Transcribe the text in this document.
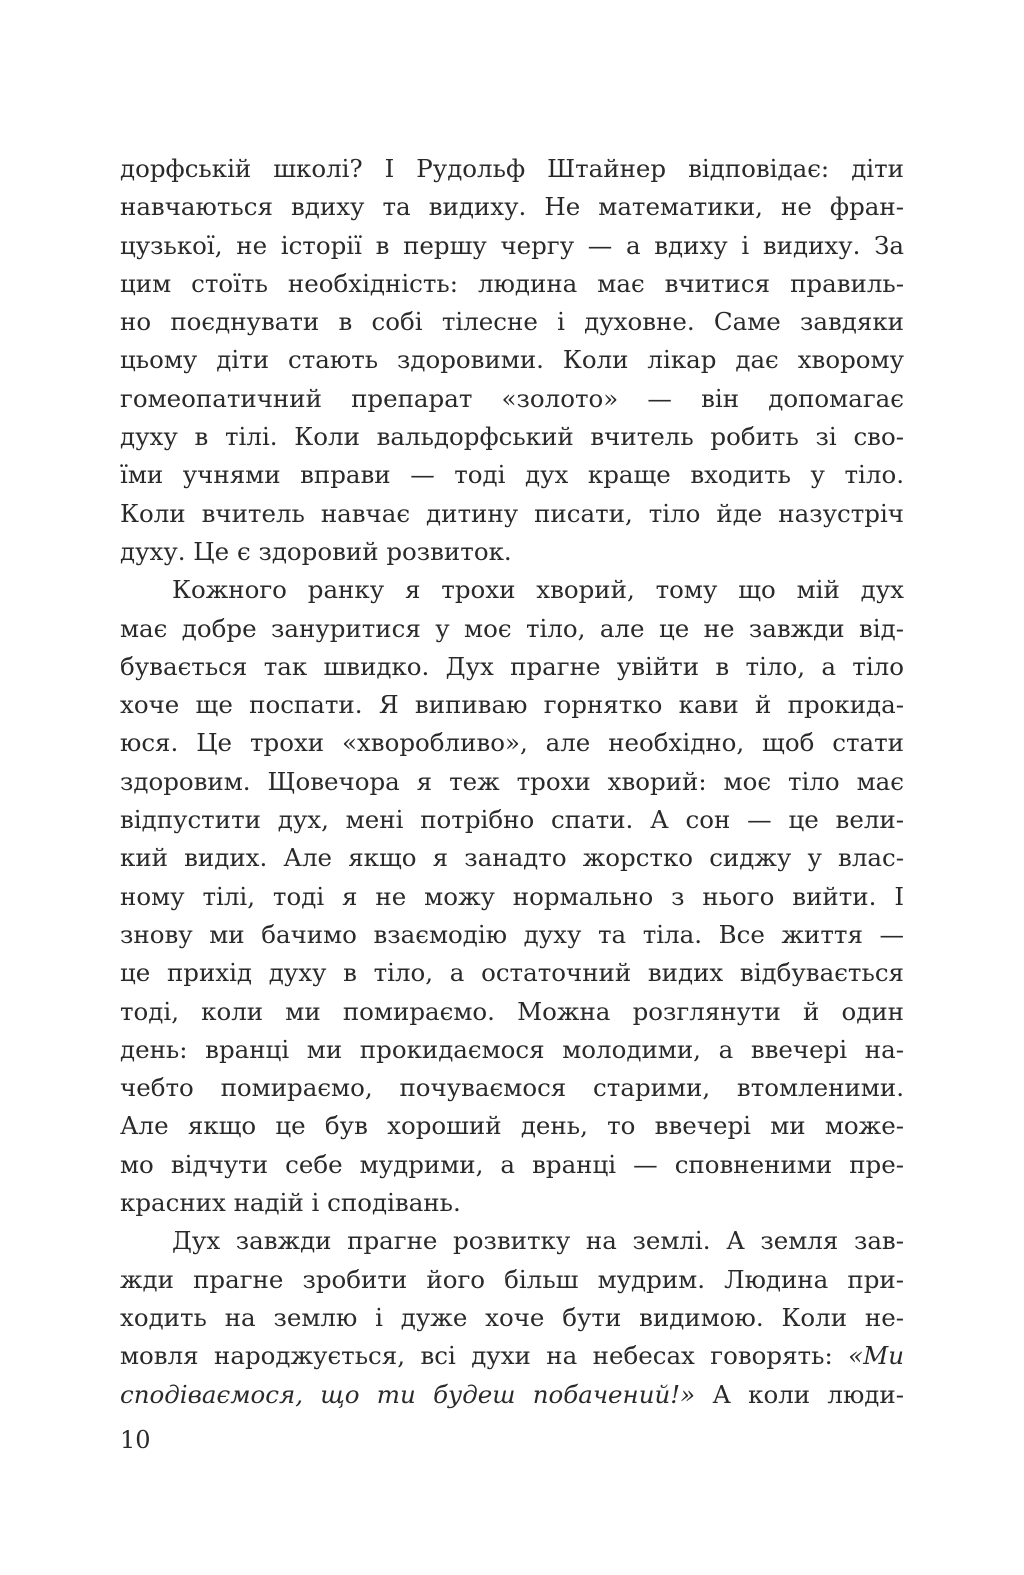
дорфській школі? І Рудольф Штайнер відповідає: діти
навчаються вдиху та видиху. Не математики, не фран-
цузької, не історії в першу чергу — а вдиху і видиху. За
цим стоїть необхідність: людина має вчитися правиль-
но поєднувати в собі тілесне і духовне. Саме завдяки
цьому діти стають здоровими. Коли лікар дає хворому
гомеопатичний препарат «золото» — він допомагає
духу в тілі. Коли вальдорфський вчитель робить зі сво-
їми учнями вправи — тоді дух краще входить у тіло.
Коли вчитель навчає дитину писати, тіло йде назустріч
духу. Це є здоровий розвиток.
Кожного ранку я трохи хворий, тому що мій дух
має добре зануритися у моє тіло, але це не завжди від-
бувається так швидко. Дух прагне увійти в тіло, а тіло
хоче ще поспати. Я випиваю горнятко кави й прокида-
юся. Це трохи «хворобливо», але необхідно, щоб стати
здоровим. Щовечора я теж трохи хворий: моє тіло має
відпустити дух, мені потрібно спати. А сон — це вели-
кий видих. Але якщо я занадто жорстко сиджу у влас-
ному тілі, тоді я не можу нормально з нього вийти. І
знову ми бачимо взаємодію духу та тіла. Все життя —
це прихід духу в тіло, а остаточний видих відбувається
тоді, коли ми помираємо. Можна розглянути й один
день: вранці ми прокидаємося молодими, а ввечері на-
чебто помираємо, почуваємося старими, втомленими.
Але якщо це був хороший день, то ввечері ми може-
мо відчути себе мудрими, а вранці — сповненими пре-
красних надій і сподівань.
Дух завжди прагне розвитку на землі. А земля зав-
жди прагне зробити його більш мудрим. Людина при-
ходить на землю і дуже хоче бути видимою. Коли не-
мовля народжується, всі духи на небесах говорять: «Ми
сподіваємося, що ти будеш побачений!» А коли люди-
10
